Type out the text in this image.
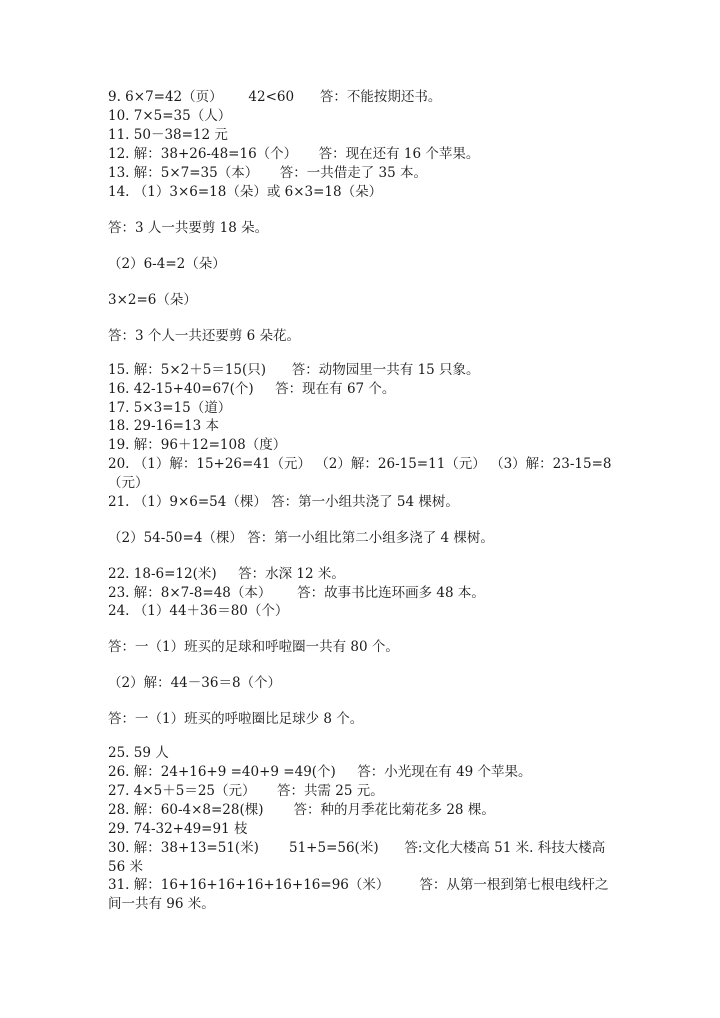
9. 6×7=42（页）      42<60      答：不能按期还书。
10. 7×5=35（人）
11. 50－38=12 元
12. 解：38+26-48=16（个）     答：现在还有 16 个苹果。
13. 解：5×7=35（本）     答：一共借走了 35 本。
14. （1）3×6=18（朵）或 6×3=18（朵）
答：3 人一共要剪 18 朵。
（2）6-4=2（朵）
3×2=6（朵）
答：3 个人一共还要剪 6 朵花。
15. 解：5×2＋5＝15(只)      答：动物园里一共有 15 只象。
16. 42-15+40=67(个)     答：现在有 67 个。
17. 5×3=15（道）
18. 29-16=13 本
19. 解：96＋12=108（度）
20. （1）解：15+26=41（元） （2）解：26-15=11（元） （3）解：23-15=8（元）
21. （1）9×6=54（棵） 答：第一小组共浇了 54 棵树。
（2）54-50=4（棵） 答：第一小组比第二小组多浇了 4 棵树。
22. 18-6=12(米)     答：水深 12 米。
23. 解：8×7-8=48（本）      答：故事书比连环画多 48 本。
24. （1）44＋36＝80（个）
答：一（1）班买的足球和呼啦圈一共有 80 个。
（2）解：44－36＝8（个）
答：一（1）班买的呼啦圈比足球少 8 个。
25. 59 人
26. 解：24+16+9 =40+9 =49(个)     答：小光现在有 49 个苹果。
27. 4×5＋5＝25（元）     答：共需 25 元。
28. 解：60-4×8=28(棵)       答：种的月季花比菊花多 28 棵。
29. 74-32+49=91 枝
30. 解：38+13=51(米)       51+5=56(米)      答:文化大楼高 51 米. 科技大楼高 56 米
31. 解：16+16+16+16+16+16=96（米）       答：从第一根到第七根电线杆之间一共有 96 米。
